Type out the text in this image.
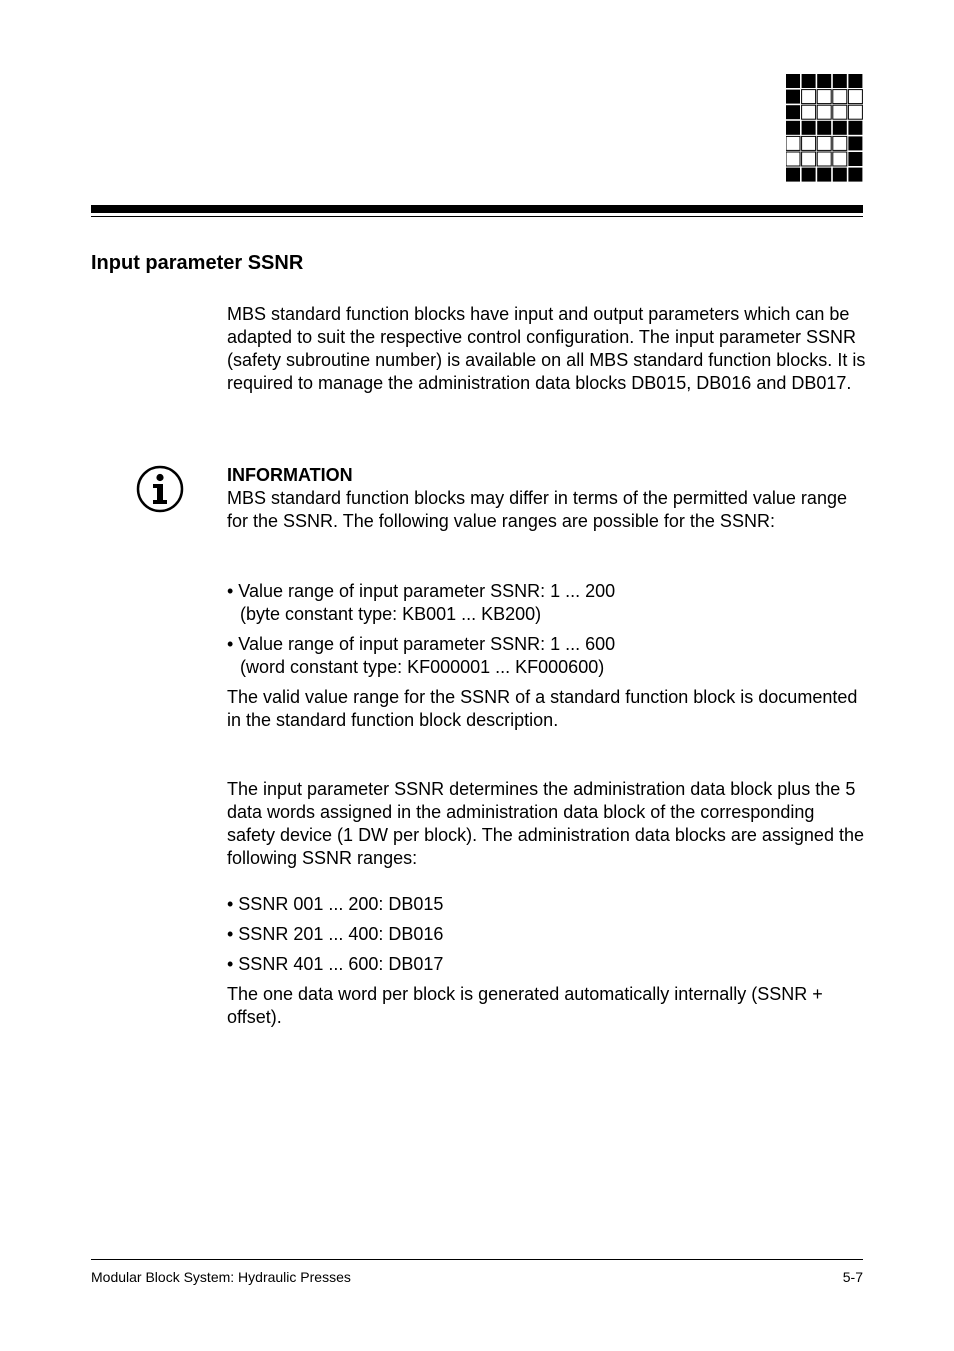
Input parameter SSNR

MBS standard function blocks have input and output parameters which can be adapted to suit the respective control configuration. The input parameter SSNR (safety subroutine number) is available on all MBS standard function blocks. It is required to manage the administration data blocks DB015, DB016 and DB017.

INFORMATION
MBS standard function blocks may differ in terms of the permitted value range for the SSNR. The following value ranges are possible for the SSNR:
• Value range of input parameter SSNR: 1 ... 200
(byte constant type: KB001 ... KB200)
• Value range of input parameter SSNR: 1 ... 600
(word constant type: KF000001 ... KF000600)

The valid value range for the SSNR of a standard function block is documented in the standard function block description.

The input parameter SSNR determines the administration data block plus the 5 data words assigned in the administration data block of the corresponding safety device (1 DW per block). The administration data blocks are assigned the following SSNR ranges:

• SSNR 001 ... 200: DB015
• SSNR 201 ... 400: DB016
• SSNR 401 ... 600: DB017

The one data word per block is generated automatically internally (SSNR + offset).

Modular Block System: Hydraulic Presses	5-7
